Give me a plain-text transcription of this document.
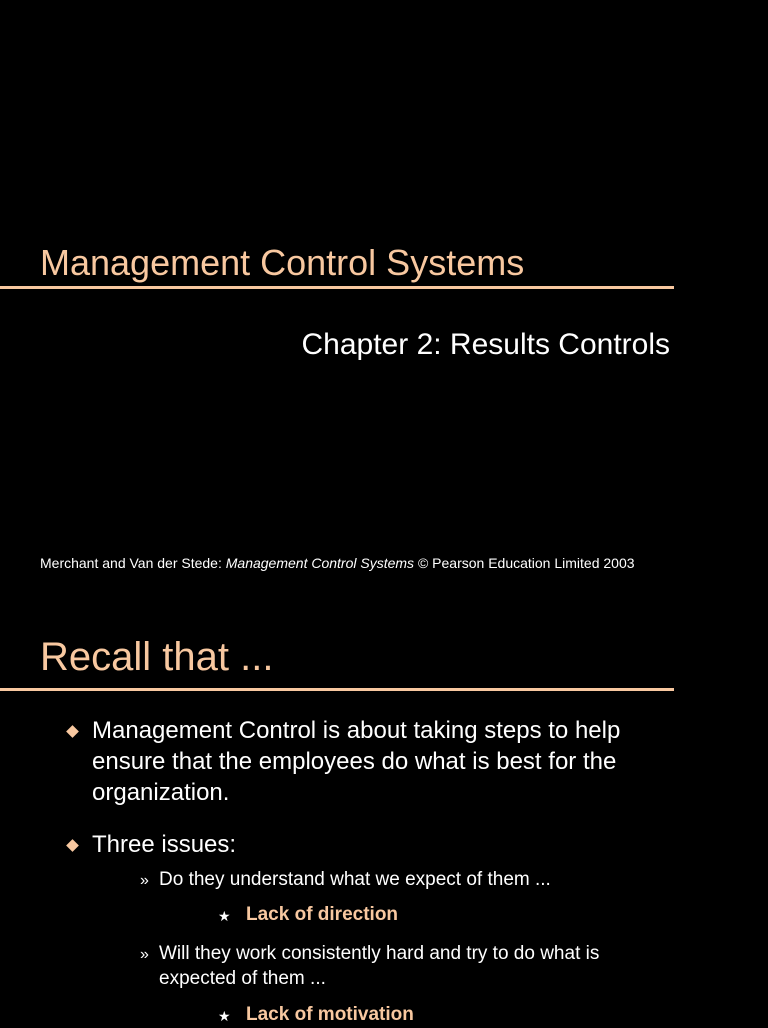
Management Control Systems
Chapter 2: Results Controls
Merchant and Van der Stede: Management Control Systems © Pearson Education Limited 2003
Recall that ...
Management Control is about taking steps to help ensure that the employees do what is best for the organization.
Three issues:
» Do they understand what we expect of them ...
★ Lack of direction
» Will they work consistently hard and try to do what is expected of them ...
★ Lack of motivation
